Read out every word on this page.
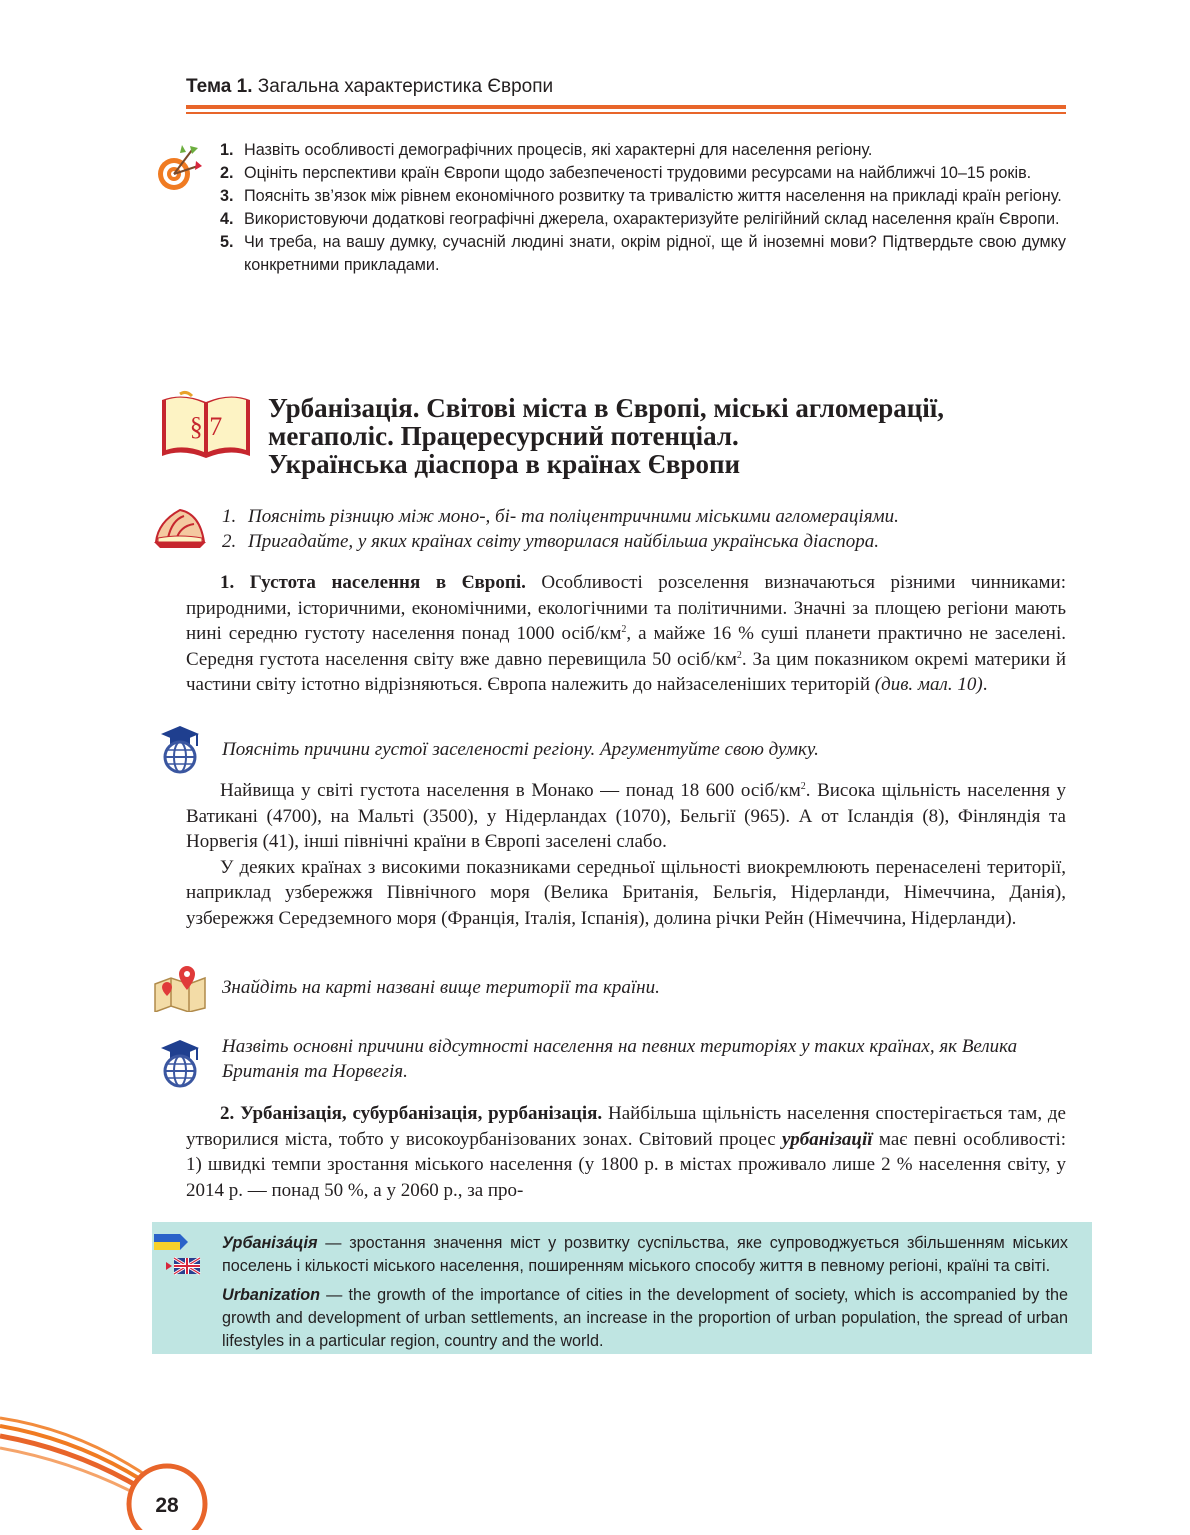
Тема 1. Загальна характеристика Європи
1. Назвіть особливості демографічних процесів, які характерні для населення регіону.
2. Оцініть перспективи країн Європи щодо забезпеченості трудовими ресурсами на найближчі 10–15 років.
3. Поясніть зв’язок між рівнем економічного розвитку та тривалістю життя населення на прикладі країн регіону.
4. Використовуючи додаткові географічні джерела, охарактеризуйте релігійний склад населення країн Європи.
5. Чи треба, на вашу думку, сучасній людині знати, окрім рідної, ще й іноземні мови? Підтвердьте свою думку конкретними прикладами.
§ 7
Урбанізація. Світові міста в Європі, міські агломерації,
мегаполіс. Працересурсний потенціал.
Українська діаспора в країнах Європи
1. Поясніть різницю між моно-, бі- та поліцентричними міськими агломераціями.
2. Пригадайте, у яких країнах світу утворилася найбільша українська діаспора.

1. Густота населення в Європі. Особливості розселення визначаються різними чинниками: природними, історичними, економічними, екологічними та політичними. Значні за площею регіони мають нині середню густоту населення понад 1000 осіб/$км^2$, а майже 16 % суші планети практично не заселені. Середня густота населення світу вже давно перевищила 50 осіб/$км^2$. За цим показником окремі материки й частини світу істотно відрізняються. Європа належить до найзаселеніших територій (див. мал. 10).

Поясніть причини густої заселеності регіону. Аргументуйте свою думку.

Найвища у світі густота населення в Монако — понад 18 600 осіб/$км^2$. Висока щільність населення у Ватикані (4700), на Мальті (3500), у Нідерландах (1070), Бельгії (965). А от Ісландія (8), Фінляндія та Норвегія (41), інші північні країни в Європі заселені слабо.

У деяких країнах з високими показниками середньої щільності виокремлюють перенаселені території, наприклад узбережжя Північного моря (Велика Британія, Бельгія, Нідерланди, Німеччина, Данія), узбережжя Середземного моря (Франція, Італія, Іспанія), долина річки Рейн (Німеччина, Нідерланди).

Знайдіть на карті названі вище території та країни.
Назвіть основні причини відсутності населення на певних територіях у таких країнах, як Велика Британія та Норвегія.

2. Урбанізація, субурбанізація, рурбанізація. Найбільша щільність населення спостерігається там, де утворилися міста, тобто у високоурбанізованих зонах. Світовий процес урбанізації має певні особливості: 1) швидкі темпи зростання міського населення (у 1800 р. в містах проживало лише 2 % населення світу, у 2014 р. — понад 50 %, а у 2060 р., за про-

Урбаніза́ція — зростання значення міст у розвитку суспільства, яке супроводжується збільшенням міських поселень і кількості міського населення, поширенням міського способу життя в певному регіоні, країні та світі.

Urbanization — the growth of the importance of cities in the development of society, which is accompanied by the growth and development of urban settlements, an increase in the proportion of urban population, the spread of urban lifestyles in a particular region, country and the world.

28
